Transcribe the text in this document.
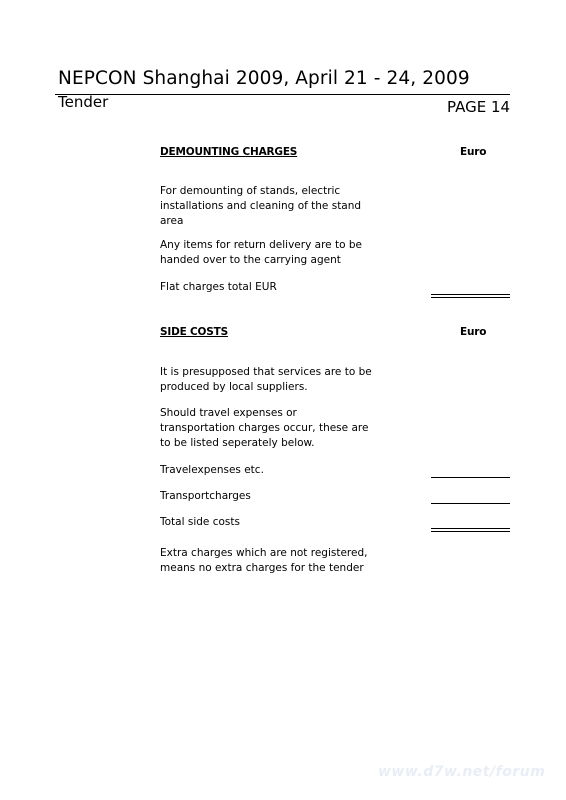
NEPCON Shanghai 2009, April 21 - 24, 2009
Tender	PAGE 14
DEMOUNTING CHARGES	Euro
For demounting of stands, electric installations and cleaning of the stand area
Any items for return delivery are to be handed over to the carrying agent
Flat charges total EUR
SIDE COSTS	Euro
It is presupposed that services are to be produced by local suppliers.
Should travel expenses or transportation charges occur, these are to be listed seperately below.
Travelexpenses etc.
Transportcharges
Total side costs
Extra charges which are not registered, means no extra charges for the tender
www.d7w.net/forum
